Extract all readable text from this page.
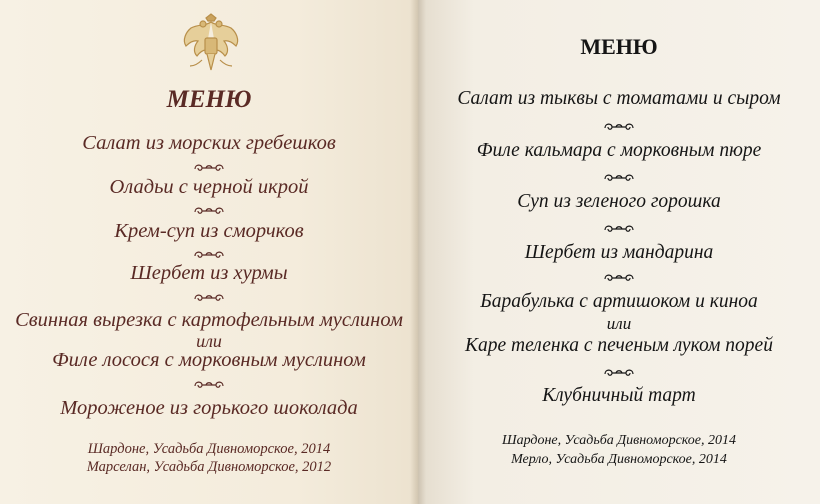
МЕНЮ
Салат из морских гребешков
Оладьи с черной икрой
Крем-суп из сморчков
Шербет из хурмы
Свинная вырезка с картофельным муслином
или
Филе лосося с морковным муслином
Мороженое из горького шоколада
Шардоне, Усадьба Дивноморское, 2014
Марселан, Усадьба Дивноморское, 2012
МЕНЮ
Салат из тыквы с томатами и сыром
Филе кальмара с морковным пюре
Суп из зеленого горошка
Шербет из мандарина
Барабулька с артишоком и киноа
или
Каре теленка с печеным луком порей
Клубничный тарт
Шардоне, Усадьба Дивноморское, 2014
Мерло, Усадьба Дивноморское, 2014
